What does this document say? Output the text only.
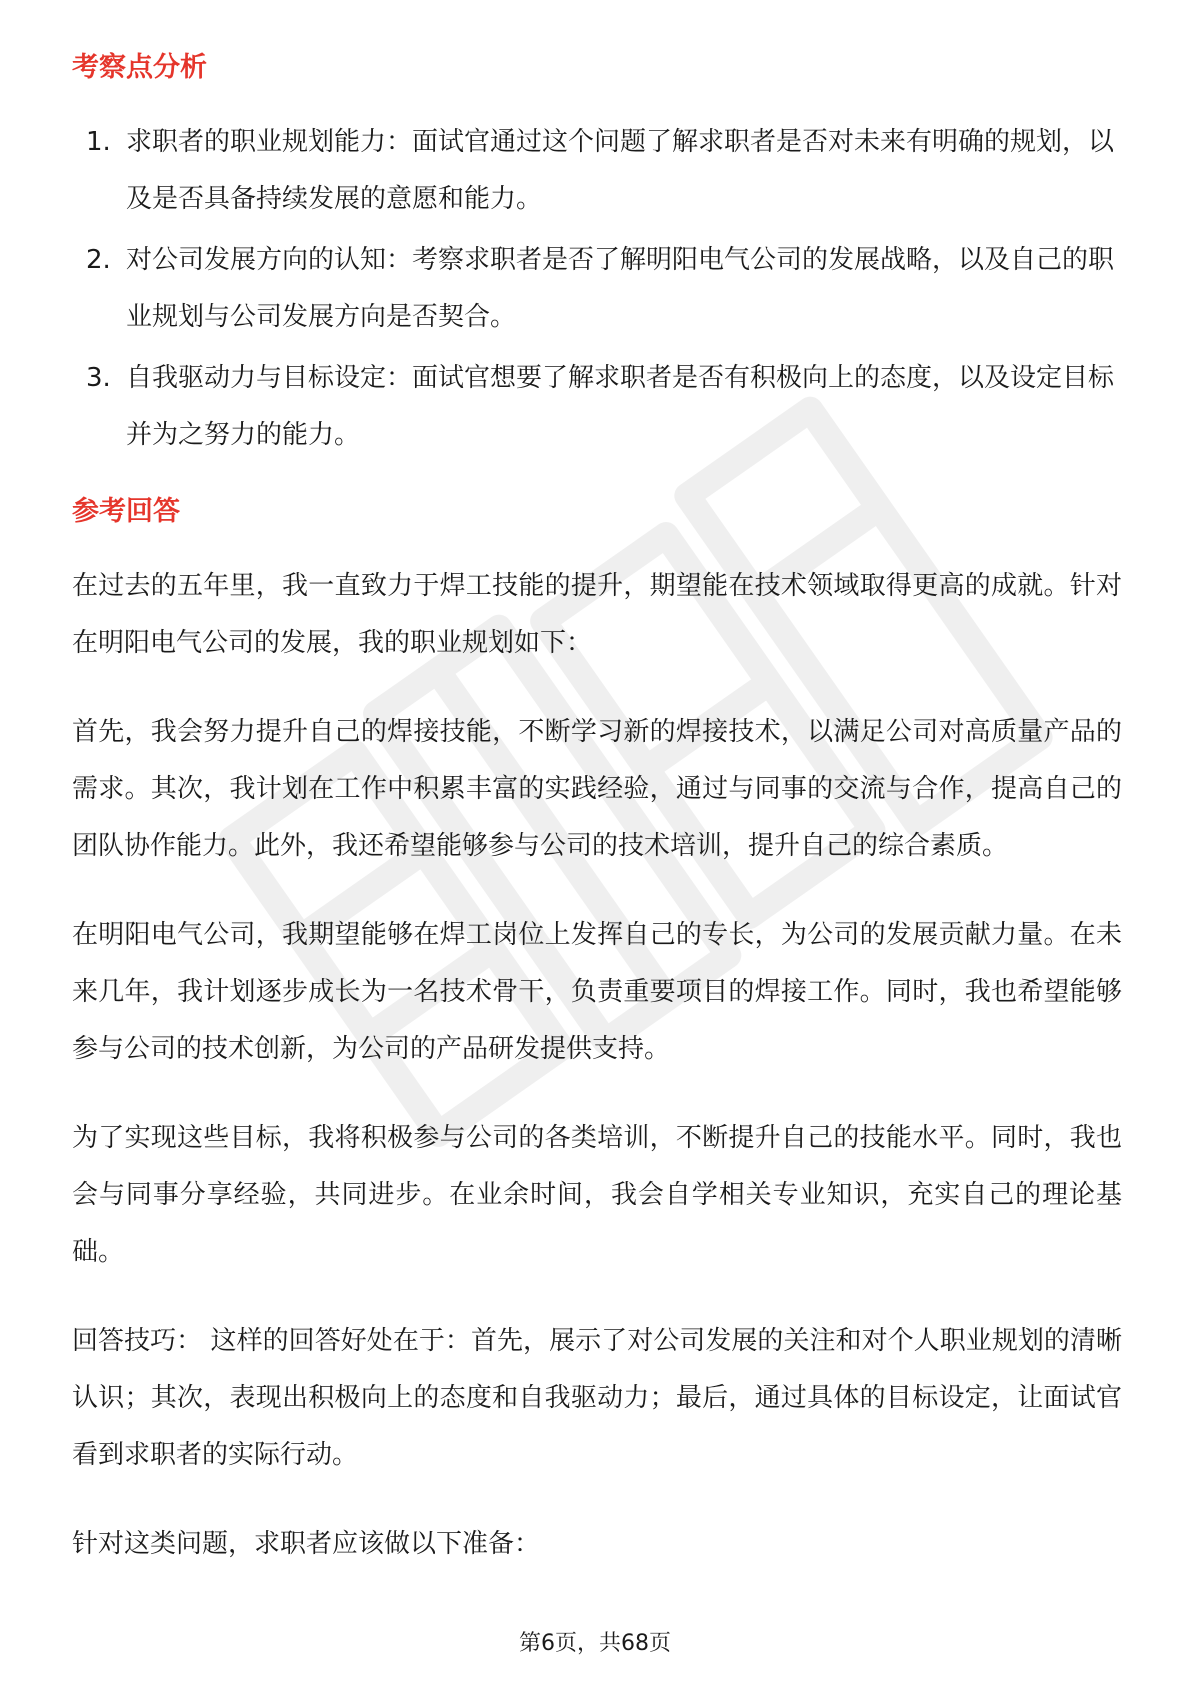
考察点分析
1. 求职者的职业规划能力：面试官通过这个问题了解求职者是否对未来有明确的规划，以及是否具备持续发展的意愿和能力。
2. 对公司发展方向的认知：考察求职者是否了解明阳电气公司的发展战略，以及自己的职业规划与公司发展方向是否契合。
3. 自我驱动力与目标设定：面试官想要了解求职者是否有积极向上的态度，以及设定目标并为之努力的能力。
参考回答

在过去的五年里，我一直致力于焊工技能的提升，期望能在技术领域取得更高的成就。针对在明阳电气公司的发展，我的职业规划如下：

首先，我会努力提升自己的焊接技能，不断学习新的焊接技术，以满足公司对高质量产品的需求。其次，我计划在工作中积累丰富的实践经验，通过与同事的交流与合作，提高自己的团队协作能力。此外，我还希望能够参与公司的技术培训，提升自己的综合素质。

在明阳电气公司，我期望能够在焊工岗位上发挥自己的专长，为公司的发展贡献力量。在未来几年，我计划逐步成长为一名技术骨干，负责重要项目的焊接工作。同时，我也希望能够参与公司的技术创新，为公司的产品研发提供支持。

为了实现这些目标，我将积极参与公司的各类培训，不断提升自己的技能水平。同时，我也会与同事分享经验，共同进步。在业余时间，我会自学相关专业知识，充实自己的理论基础。

回答技巧： 这样的回答好处在于：首先，展示了对公司发展的关注和对个人职业规划的清晰认识；其次，表现出积极向上的态度和自我驱动力；最后，通过具体的目标设定，让面试官看到求职者的实际行动。

针对这类问题，求职者应该做以下准备：

第6页，共68页
